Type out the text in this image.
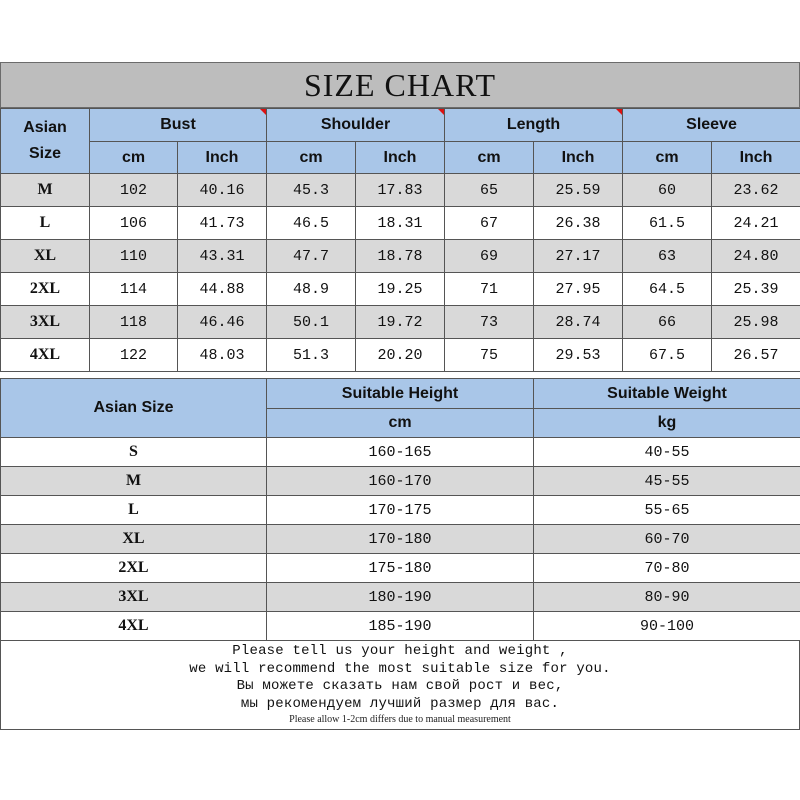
SIZE CHART
Asian
Size	Bust		Shoulder		Length		Sleeve	
	cm	Inch	cm	Inch	cm	Inch	cm	Inch
M	102	40.16	45.3	17.83	65	25.59	60	23.62
L	106	41.73	46.5	18.31	67	26.38	61.5	24.21
XL	110	43.31	47.7	18.78	69	27.17	63	24.80
2XL	114	44.88	48.9	19.25	71	27.95	64.5	25.39
3XL	118	46.46	50.1	19.72	73	28.74	66	25.98
4XL	122	48.03	51.3	20.20	75	29.53	67.5	26.57
Asian Size	Suitable Height	Suitable Weight
	cm	kg
S	160-165	40-55
M	160-170	45-55
L	170-175	55-65
XL	170-180	60-70
2XL	175-180	70-80
3XL	180-190	80-90
4XL	185-190	90-100
Please tell us your height and weight ,
we will recommend the most suitable size for you.
Вы можете сказать нам свой рост и вес,
мы рекомендуем лучший размер для вас.
Please allow 1-2cm differs due to manual measurement
